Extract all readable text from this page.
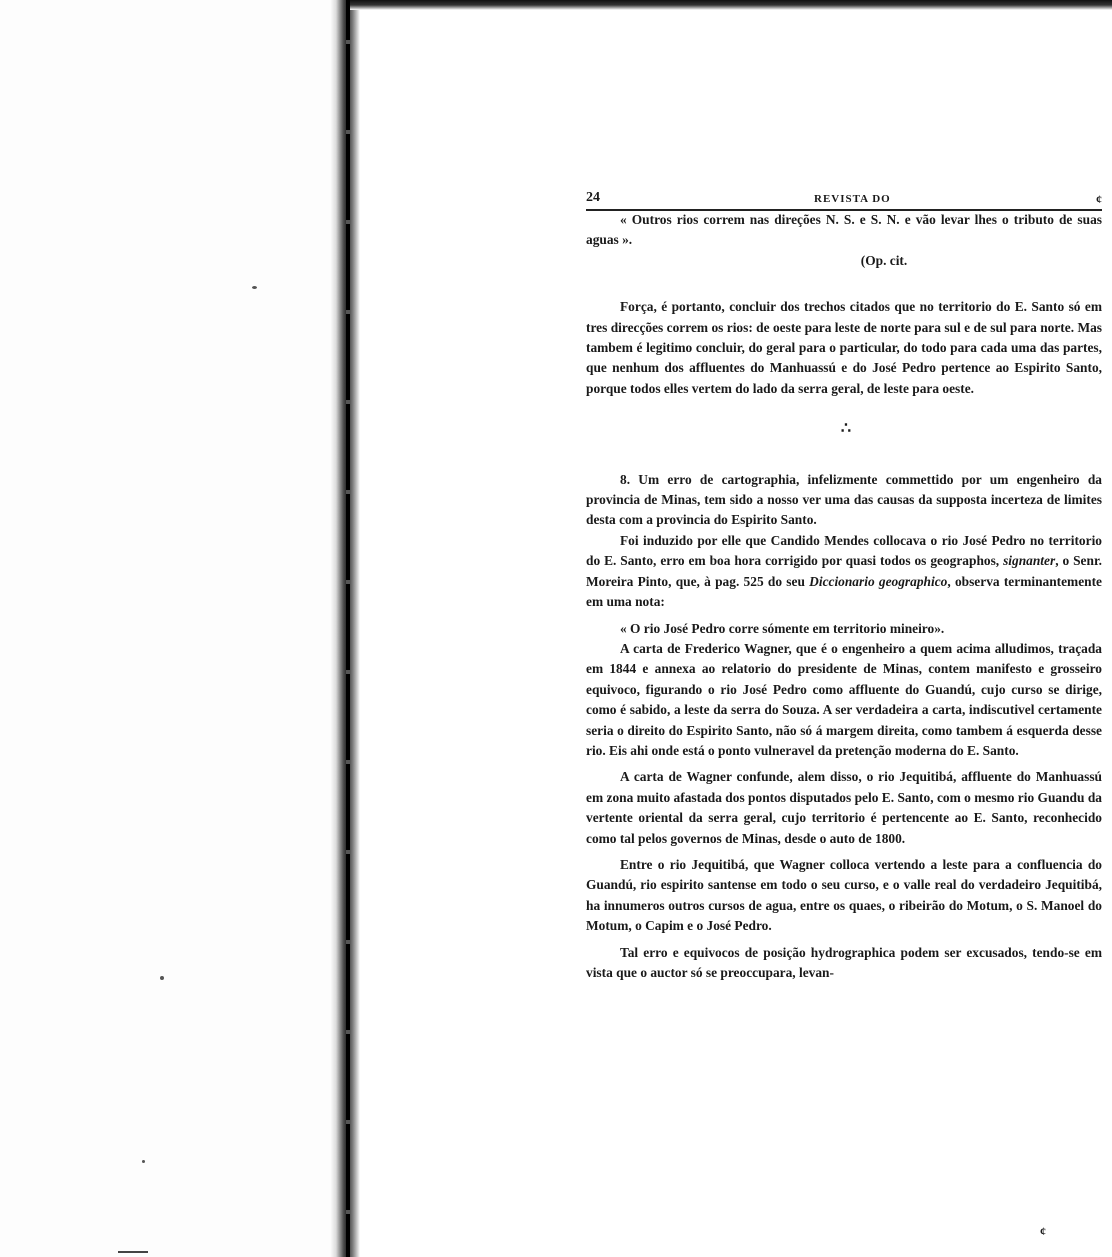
24	REVISTA DO	¢

« Outros rios correm nas direções N. S. e S. N. e vão levar lhes o tributo de suas aguas ».

(Op. cit.

Força, é portanto, concluir dos trechos citados que no territorio do E. Santo só em tres direcções correm os rios: de oeste para leste de norte para sul e de sul para norte. Mas tambem é legitimo concluir, do geral para o particular, do todo para cada uma das partes, que nenhum dos affluentes do Manhuassú e do José Pedro pertence ao Espirito Santo, porque todos elles vertem do lado da serra geral, de leste para oeste.

∴

8. Um erro de cartographia, infelizmente commettido por um engenheiro da provincia de Minas, tem sido a nosso ver uma das causas da supposta incerteza de limites desta com a provincia do Espirito Santo.

Foi induzido por elle que Candido Mendes collocava o rio José Pedro no territorio do E. Santo, erro em boa hora corrigido por quasi todos os geographos, signanter, o Senr. Moreira Pinto, que, à pag. 525 do seu Diccionario geographico, observa terminantemente em uma nota:

« O rio José Pedro corre sómente em territorio mineiro».

A carta de Frederico Wagner, que é o engenheiro a quem acima alludimos, traçada em 1844 e annexa ao relatorio do presidente de Minas, contem manifesto e grosseiro equivoco, figurando o rio José Pedro como affluente do Guandú, cujo curso se dirige, como é sabido, a leste da serra do Souza. A ser verdadeira a carta, indiscutivel certamente seria o direito do Espirito Santo, não só á margem direita, como tambem á esquerda desse rio. Eis ahi onde está o ponto vulneravel da pretenção moderna do E. Santo.

A carta de Wagner confunde, alem disso, o rio Jequitibá, affluente do Manhuassú em zona muito afastada dos pontos disputados pelo E. Santo, com o mesmo rio Guandu da vertente oriental da serra geral, cujo territorio é pertencente ao E. Santo, reconhecido como tal pelos governos de Minas, desde o auto de 1800.

Entre o rio Jequitibá, que Wagner colloca vertendo a leste para a confluencia do Guandú, rio espirito santense em todo o seu curso, e o valle real do verdadeiro Jequitibá, ha innumeros outros cursos de agua, entre os quaes, o ribeirão do Motum, o S. Manoel do Motum, o Capim e o José Pedro.

Tal erro e equivocos de posição hydrographica podem ser excusados, tendo-se em vista que o auctor só se preoccupara, levan-

¢
